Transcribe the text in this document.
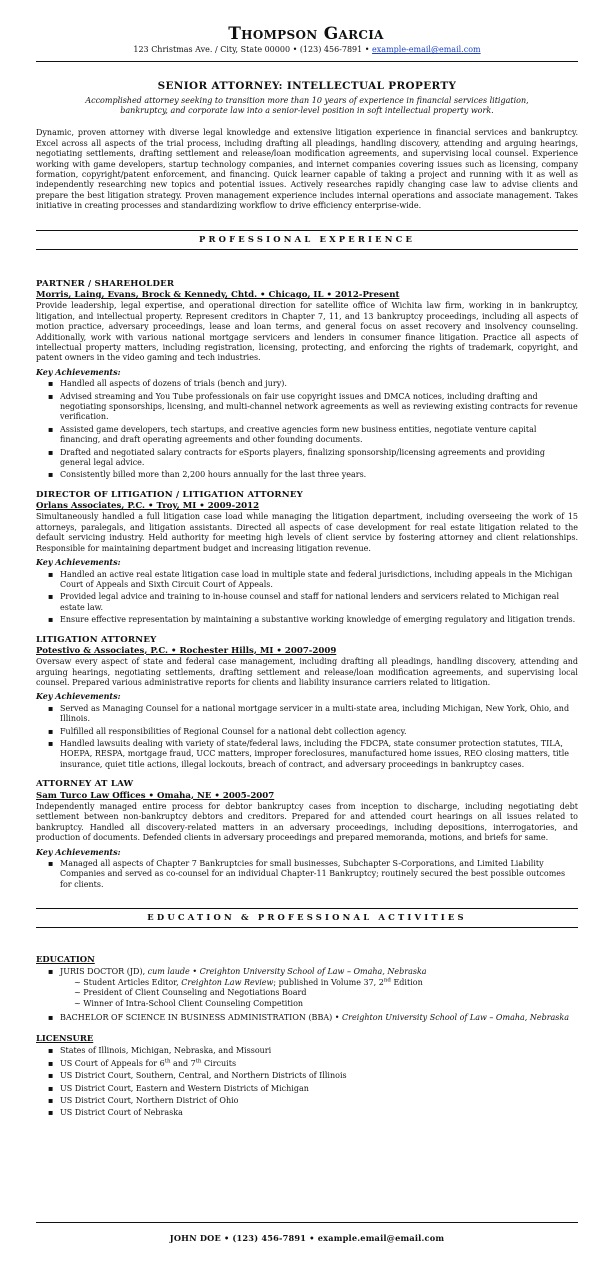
Thompson Garcia
123 Christmas Ave. / City, State 00000 • (123) 456-7891 • example-email@email.com
SENIOR ATTORNEY: INTELLECTUAL PROPERTY
Accomplished attorney seeking to transition more than 10 years of experience in financial services litigation, bankruptcy, and corporate law into a senior-level position in soft intellectual property work.
Dynamic, proven attorney with diverse legal knowledge and extensive litigation experience in financial services and bankruptcy. Excel across all aspects of the trial process, including drafting all pleadings, handling discovery, attending and arguing hearings, negotiating settlements, drafting settlement and release/loan modification agreements, and supervising local counsel. Experience working with game developers, startup technology companies, and internet companies covering issues such as licensing, company formation, copyright/patent enforcement, and financing. Quick learner capable of taking a project and running with it as well as independently researching new topics and potential issues. Actively researches rapidly changing case law to advise clients and prepare the best litigation strategy. Proven management experience includes internal operations and associate management. Takes initiative in creating processes and standardizing workflow to drive efficiency enterprise-wide.
PROFESSIONAL EXPERIENCE
PARTNER / SHAREHOLDER
Morris, Laing, Evans, Brock & Kennedy, Chtd. • Chicago, IL • 2012-Present
Provide leadership, legal expertise, and operational direction for satellite office of Wichita law firm, working in in bankruptcy, litigation, and intellectual property. Represent creditors in Chapter 7, 11, and 13 bankruptcy proceedings, including all aspects of motion practice, adversary proceedings, lease and loan terms, and general focus on asset recovery and insolvency counseling. Additionally, work with various national mortgage servicers and lenders in consumer finance litigation. Practice all aspects of intellectual property matters, including registration, licensing, protecting, and enforcing the rights of trademark, copyright, and patent owners in the video gaming and tech industries.
Key Achievements:
▪ Handled all aspects of dozens of trials (bench and jury).
▪ Advised streaming and You Tube professionals on fair use copyright issues and DMCA notices, including drafting and negotiating sponsorships, licensing, and multi-channel network agreements as well as reviewing existing contracts for revenue verification.
▪ Assisted game developers, tech startups, and creative agencies form new business entities, negotiate venture capital financing, and draft operating agreements and other founding documents.
▪ Drafted and negotiated salary contracts for eSports players, finalizing sponsorship/licensing agreements and providing general legal advice.
▪ Consistently billed more than 2,200 hours annually for the last three years.
DIRECTOR OF LITIGATION / LITIGATION ATTORNEY
Orlans Associates, P.C. • Troy, MI • 2009-2012
Simultaneously handled a full litigation case load while managing the litigation department, including overseeing the work of 15 attorneys, paralegals, and litigation assistants. Directed all aspects of case development for real estate litigation related to the default servicing industry. Held authority for meeting high levels of client service by fostering attorney and client relationships. Responsible for maintaining department budget and increasing litigation revenue.
Key Achievements:
▪ Handled an active real estate litigation case load in multiple state and federal jurisdictions, including appeals in the Michigan Court of Appeals and Sixth Circuit Court of Appeals.
▪ Provided legal advice and training to in-house counsel and staff for national lenders and servicers related to Michigan real estate law.
▪ Ensure effective representation by maintaining a substantive working knowledge of emerging regulatory and litigation trends.
LITIGATION ATTORNEY
Potestivo & Associates, P.C. • Rochester Hills, MI • 2007-2009
Oversaw every aspect of state and federal case management, including drafting all pleadings, handling discovery, attending and arguing hearings, negotiating settlements, drafting settlement and release/loan modification agreements, and supervising local counsel. Prepared various administrative reports for clients and liability insurance carriers related to litigation.
Key Achievements:
▪ Served as Managing Counsel for a national mortgage servicer in a multi-state area, including Michigan, New York, Ohio, and Illinois.
▪ Fulfilled all responsibilities of Regional Counsel for a national debt collection agency.
▪ Handled lawsuits dealing with variety of state/federal laws, including the FDCPA, state consumer protection statutes, TILA, HOEPA, RESPA, mortgage fraud, UCC matters, improper foreclosures, manufactured home issues, REO closing matters, title insurance, quiet title actions, illegal lockouts, breach of contract, and adversary proceedings in bankruptcy cases.
ATTORNEY AT LAW
Sam Turco Law Offices • Omaha, NE • 2005-2007
Independently managed entire process for debtor bankruptcy cases from inception to discharge, including negotiating debt settlement between non-bankruptcy debtors and creditors. Prepared for and attended court hearings on all issues related to bankruptcy. Handled all discovery-related matters in an adversary proceedings, including depositions, interrogatories, and production of documents. Defended clients in adversary proceedings and prepared memoranda, motions, and briefs for same.
Key Achievements:
▪ Managed all aspects of Chapter 7 Bankruptcies for small businesses, Subchapter S-Corporations, and Limited Liability Companies and served as co-counsel for an individual Chapter-11 Bankruptcy; routinely secured the best possible outcomes for clients.
EDUCATION & PROFESSIONAL ACTIVITIES
EDUCATION
▪ JURIS DOCTOR (JD), cum laude • Creighton University School of Law – Omaha, Nebraska
~ Student Articles Editor, Creighton Law Review; published in Volume 37, 2nd Edition
~ President of Client Counseling and Negotiations Board
~ Winner of Intra-School Client Counseling Competition
▪ BACHELOR OF SCIENCE IN BUSINESS ADMINISTRATION (BBA) • Creighton University School of Law – Omaha, Nebraska
LICENSURE
▪ States of Illinois, Michigan, Nebraska, and Missouri
▪ US Court of Appeals for 6th and 7th Circuits
▪ US District Court, Southern, Central, and Northern Districts of Illinois
▪ US District Court, Eastern and Western Districts of Michigan
▪ US District Court, Northern District of Ohio
▪ US District Court of Nebraska
JOHN DOE • (123) 456-7891 • example.email@email.com
